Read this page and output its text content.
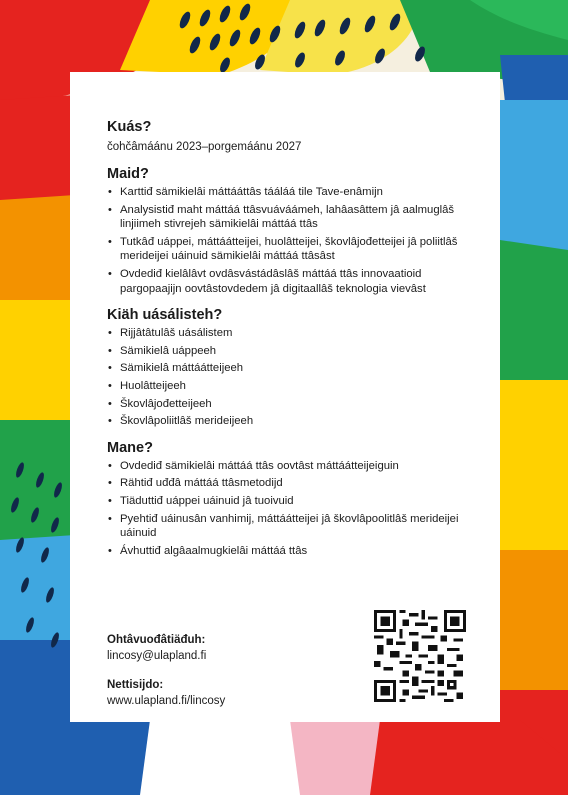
Kuás?

čohčâmáánu 2023–porgemáánu 2027

Maid?
• Karttiđ sämikielâi máttááttâs tááláá tile Tave-enâmijn
• Analysistiđ maht máttáá ttâsvuáváámeh, lahâasâttem jâ aalmuglâš linjiimeh stivrejeh sämikielâi máttáá ttâs
• Tutkâđ uáppei, máttáátteijei, huolâtteijei, škovlâjođetteijei jâ poliitlâš merideijei uáinuid sämikielâi máttáá ttâsâst
• Ovdediđ kielâlâvt ovdâsvástádâslâš máttáá ttâs innovaatioid pargopaajijn oovtâstovdedem jâ digitaallâš teknologia vievâst
Kiäh uásálisteh?
• Rijjâtâtulâš uásálistem
• Sämikielâ uáppeeh
• Sämikielâ máttáátteijeeh
• Huolâtteijeeh
• Škovlâjođetteijeeh
• Škovlâpoliitlâš merideijeeh
Mane?
• Ovdediđ sämikielâi máttáá ttâs oovtâst máttáátteijeiguin
• Rähtiđ uđđâ máttáá ttâsmetodijd
• Tiäduttiđ uáppei uáinuid jâ tuoivuid
• Pyehtiđ uáinusân vanhimij, máttáátteijei jâ škovlâpoolitlâš merideijei uáinuid
• Ávhuttiđ algâaalmugkielâi máttáá ttâs
Ohtâvuođâtiäđuh:
lincosy@ulapland.fi
Nettisijdo:
www.ulapland.fi/lincosy
